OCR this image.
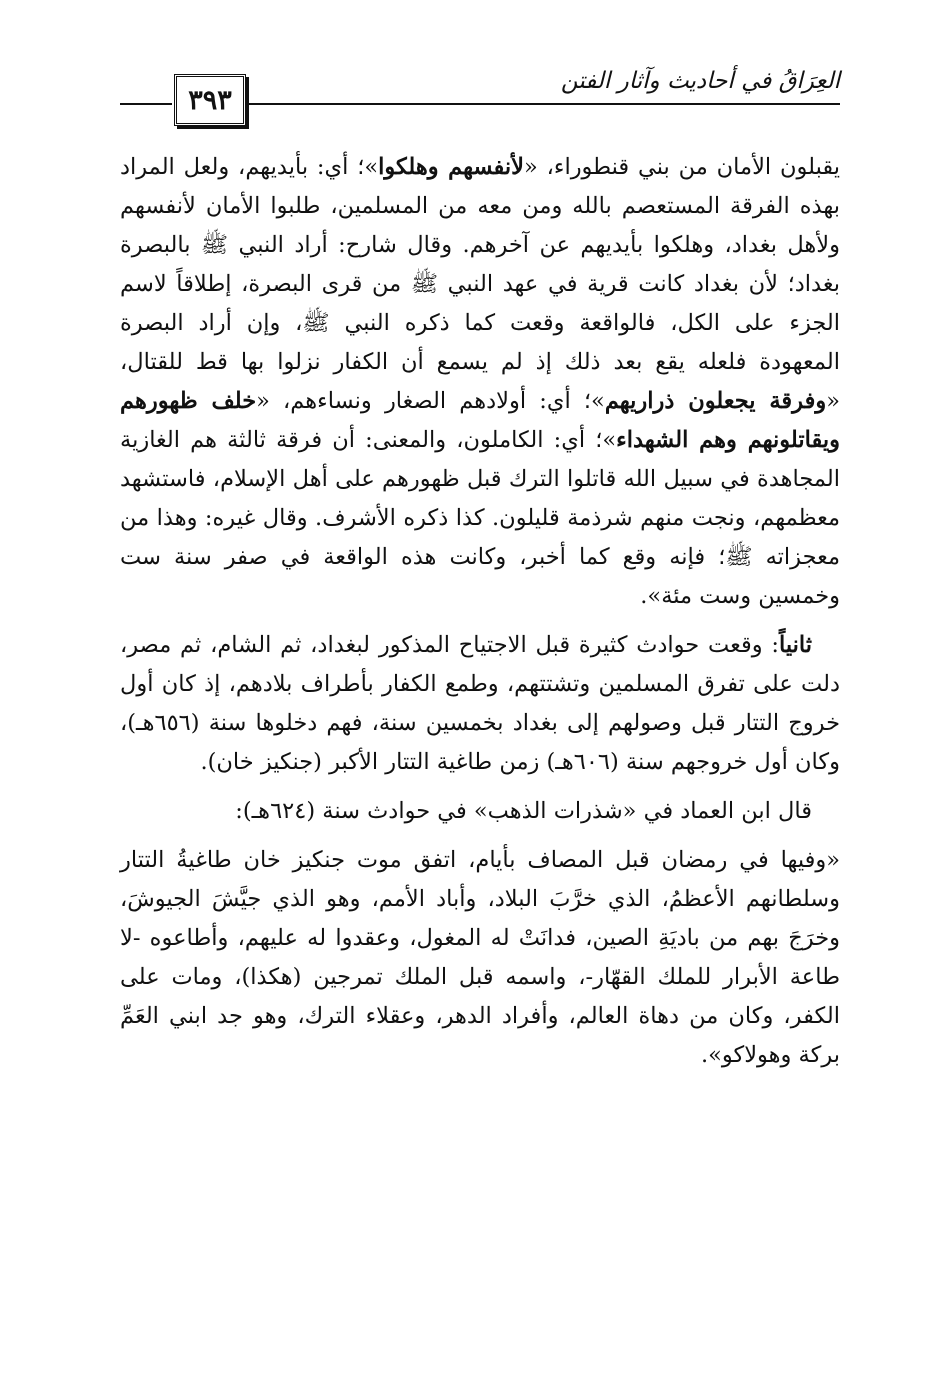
٣٩٣
العِرَاقُ في أحاديث وآثار الفتن

يقبلون الأمان من بني قنطوراء، «لأنفسهم وهلكوا»؛ أي: بأيديهم، ولعل المراد بهذه الفرقة المستعصم بالله ومن معه من المسلمين، طلبوا الأمان لأنفسهم ولأهل بغداد، وهلكوا بأيديهم عن آخرهم. وقال شارح: أراد النبي ﷺ بالبصرة بغداد؛ لأن بغداد كانت قرية في عهد النبي ﷺ من قرى البصرة، إطلاقاً لاسم الجزء على الكل، فالواقعة وقعت كما ذكره النبي ﷺ، وإن أراد البصرة المعهودة فلعله يقع بعد ذلك إذ لم يسمع أن الكفار نزلوا بها قط للقتال، «وفرقة يجعلون ذراريهم»؛ أي: أولادهم الصغار ونساءهم، «خلف ظهورهم ويقاتلونهم وهم الشهداء»؛ أي: الكاملون، والمعنى: أن فرقة ثالثة هم الغازية المجاهدة في سبيل الله قاتلوا الترك قبل ظهورهم على أهل الإسلام، فاستشهد معظمهم، ونجت منهم شرذمة قليلون. كذا ذكره الأشرف. وقال غيره: وهذا من معجزاته ﷺ؛ فإنه وقع كما أخبر، وكانت هذه الواقعة في صفر سنة ست وخمسين وست مئة».

ثانياً: وقعت حوادث كثيرة قبل الاجتياح المذكور لبغداد، ثم الشام، ثم مصر، دلت على تفرق المسلمين وتشتتهم، وطمع الكفار بأطراف بلادهم، إذ كان أول خروج التتار قبل وصولهم إلى بغداد بخمسين سنة، فهم دخلوها سنة (٦٥٦هـ)، وكان أول خروجهم سنة (٦٠٦هـ) زمن طاغية التتار الأكبر (جنكيز خان).

قال ابن العماد في «شذرات الذهب» في حوادث سنة (٦٢٤هـ):

«وفيها في رمضان قبل المصاف بأيام، اتفق موت جنكيز خان طاغيةُ التتار وسلطانهم الأعظمُ، الذي خرَّبَ البلاد، وأباد الأمم، وهو الذي جيَّشَ الجيوشَ، وخرَجَ بهم من باديَةِ الصين، فدانَتْ له المغول، وعقدوا له عليهم، وأطاعوه -لا طاعة الأبرار للملك القهّار-، واسمه قبل الملك تمرجين (هكذا)، ومات على الكفر، وكان من دهاة العالم، وأفراد الدهر، وعقلاء الترك، وهو جد ابني العَمِّ بركة وهولاكو».
